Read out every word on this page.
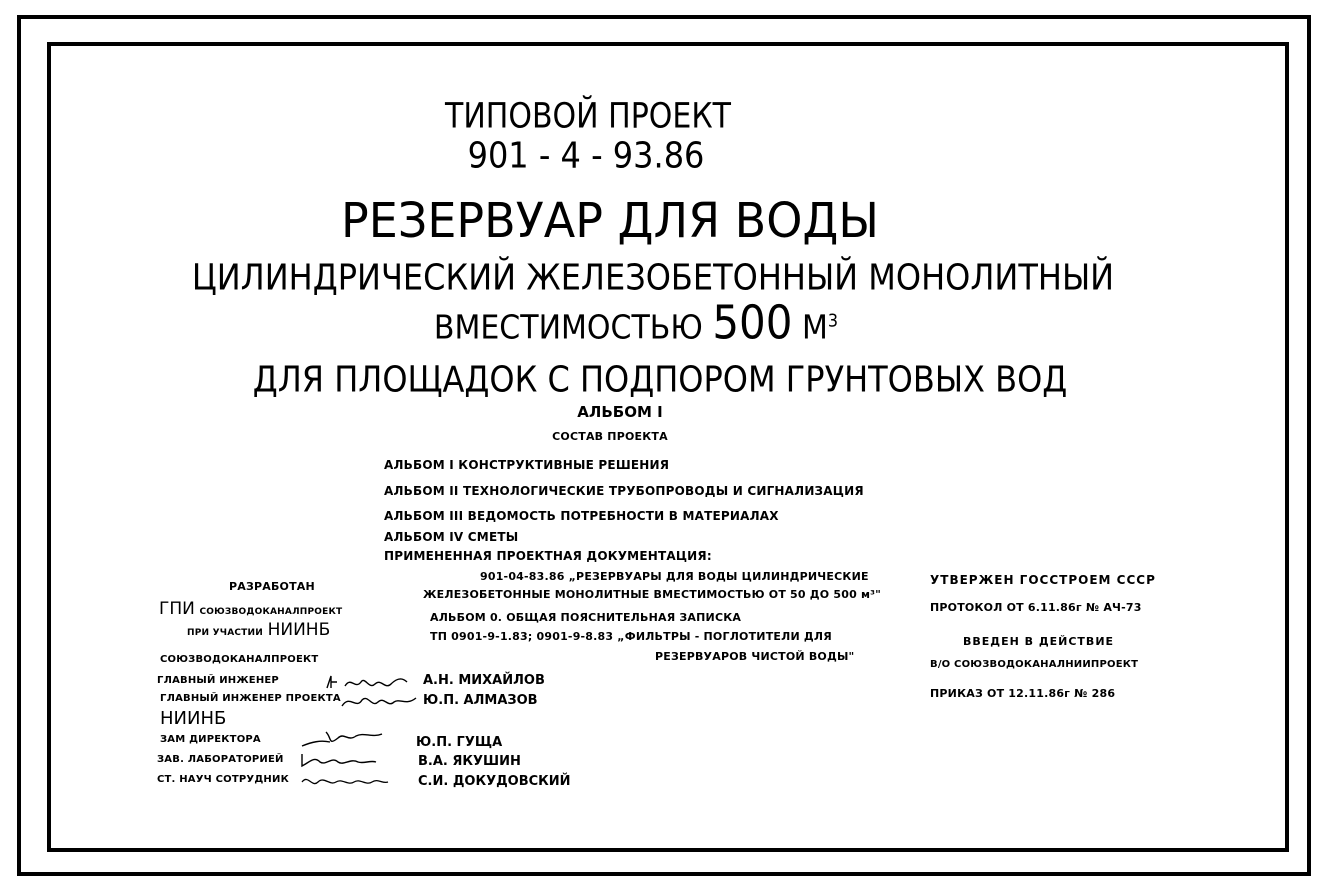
ТИПОВОЙ ПРОЕКТ
901 - 4 - 93.86
РЕЗЕРВУАР ДЛЯ ВОДЫ
ЦИЛИНДРИЧЕСКИЙ ЖЕЛЕЗОБЕТОННЫЙ МОНОЛИТНЫЙ
ВМЕСТИМОСТЬЮ 500 $М^3$
ДЛЯ ПЛОЩАДОК С ПОДПОРОМ ГРУНТОВЫХ ВОД
АЛЬБОМ I
СОСТАВ ПРОЕКТА
АЛЬБОМ I КОНСТРУКТИВНЫЕ РЕШЕНИЯ
АЛЬБОМ II ТЕХНОЛОГИЧЕСКИЕ ТРУБОПРОВОДЫ И СИГНАЛИЗАЦИЯ
АЛЬБОМ III ВЕДОМОСТЬ ПОТРЕБНОСТИ В МАТЕРИАЛАХ
АЛЬБОМ IV СМЕТЫ
ПРИМЕНЕННАЯ ПРОЕКТНАЯ ДОКУМЕНТАЦИЯ:
901-04-83.86 „РЕЗЕРВУАРЫ ДЛЯ ВОДЫ ЦИЛИНДРИЧЕСКИЕ
ЖЕЛЕЗОБЕТОННЫЕ МОНОЛИТНЫЕ ВМЕСТИМОСТЬЮ ОТ 50 ДО 500 м³"
АЛЬБОМ 0. ОБЩАЯ ПОЯСНИТЕЛЬНАЯ ЗАПИСКА
ТП 0901-9-1.83; 0901-9-8.83 „ФИЛЬТРЫ - ПОГЛОТИТЕЛИ ДЛЯ
РЕЗЕРВУАРОВ ЧИСТОЙ ВОДЫ"
РАЗРАБОТАН
ГПИ СОЮЗВОДОКАНАЛПРОЕКТ
ПРИ УЧАСТИИ НИИНБ
СОЮЗВОДОКАНАЛПРОЕКТ
ГЛАВНЫЙ ИНЖЕНЕР	А.Н. МИХАЙЛОВ
ГЛАВНЫЙ ИНЖЕНЕР ПРОЕКТА	Ю.П. АЛМАЗОВ
НИИНБ
ЗАМ ДИРЕКТОРА	Ю.П. ГУЩА
ЗАВ. ЛАБОРАТОРИЕЙ	В.А. ЯКУШИН
СТ. НАУЧ СОТРУДНИК	С.И. ДОКУДОВСКИЙ
УТВЕРЖЕН ГОССТРОЕМ СССР
ПРОТОКОЛ ОТ 6.11.86г № АЧ-73
ВВЕДЕН В ДЕЙСТВИЕ
В/О СОЮЗВОДОКАНАЛНИИПРОЕКТ
ПРИКАЗ ОТ 12.11.86г № 286
